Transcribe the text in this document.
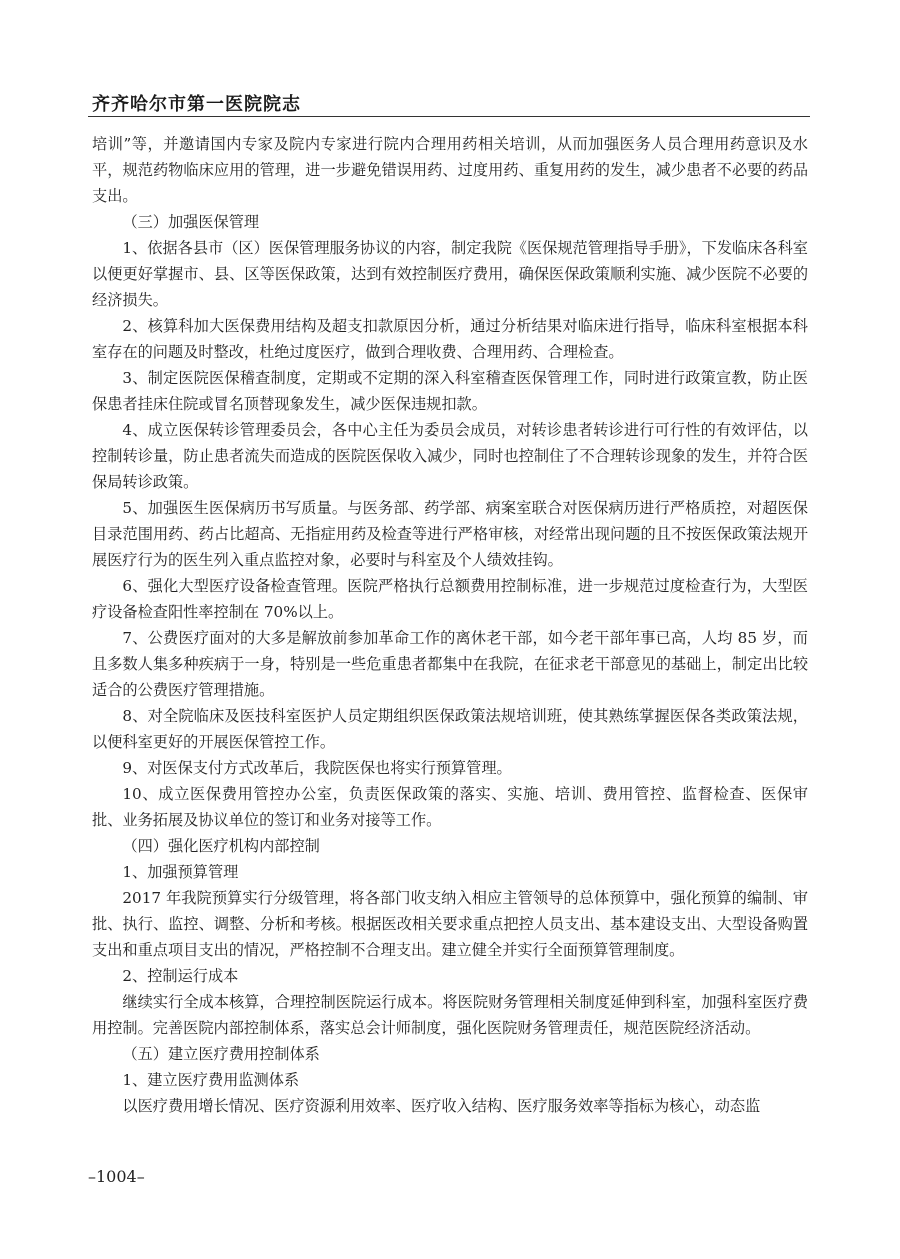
齐齐哈尔市第一医院院志

培训”等，并邀请国内专家及院内专家进行院内合理用药相关培训，从而加强医务人员合理用药意识及水平，规范药物临床应用的管理，进一步避免错误用药、过度用药、重复用药的发生，减少患者不必要的药品支出。

（三）加强医保管理

1、依据各县市（区）医保管理服务协议的内容，制定我院《医保规范管理指导手册》，下发临床各科室以便更好掌握市、县、区等医保政策，达到有效控制医疗费用，确保医保政策顺利实施、减少医院不必要的经济损失。

2、核算科加大医保费用结构及超支扣款原因分析，通过分析结果对临床进行指导，临床科室根据本科室存在的问题及时整改，杜绝过度医疗，做到合理收费、合理用药、合理检查。

3、制定医院医保稽查制度，定期或不定期的深入科室稽查医保管理工作，同时进行政策宣教，防止医保患者挂床住院或冒名顶替现象发生，减少医保违规扣款。

4、成立医保转诊管理委员会，各中心主任为委员会成员，对转诊患者转诊进行可行性的有效评估，以控制转诊量，防止患者流失而造成的医院医保收入减少，同时也控制住了不合理转诊现象的发生，并符合医保局转诊政策。

5、加强医生医保病历书写质量。与医务部、药学部、病案室联合对医保病历进行严格质控，对超医保目录范围用药、药占比超高、无指症用药及检查等进行严格审核，对经常出现问题的且不按医保政策法规开展医疗行为的医生列入重点监控对象，必要时与科室及个人绩效挂钩。

6、强化大型医疗设备检查管理。医院严格执行总额费用控制标准，进一步规范过度检查行为，大型医疗设备检查阳性率控制在 70%以上。

7、公费医疗面对的大多是解放前参加革命工作的离休老干部，如今老干部年事已高，人均 85 岁，而且多数人集多种疾病于一身，特别是一些危重患者都集中在我院，在征求老干部意见的基础上，制定出比较适合的公费医疗管理措施。

8、对全院临床及医技科室医护人员定期组织医保政策法规培训班，使其熟练掌握医保各类政策法规，以便科室更好的开展医保管控工作。

9、对医保支付方式改革后，我院医保也将实行预算管理。

10、成立医保费用管控办公室，负责医保政策的落实、实施、培训、费用管控、监督检查、医保审批、业务拓展及协议单位的签订和业务对接等工作。

（四）强化医疗机构内部控制

1、加强预算管理

2017 年我院预算实行分级管理，将各部门收支纳入相应主管领导的总体预算中，强化预算的编制、审批、执行、监控、调整、分析和考核。根据医改相关要求重点把控人员支出、基本建设支出、大型设备购置支出和重点项目支出的情况，严格控制不合理支出。建立健全并实行全面预算管理制度。

2、控制运行成本

继续实行全成本核算，合理控制医院运行成本。将医院财务管理相关制度延伸到科室，加强科室医疗费用控制。完善医院内部控制体系，落实总会计师制度，强化医院财务管理责任，规范医院经济活动。

（五）建立医疗费用控制体系

1、建立医疗费用监测体系

以医疗费用增长情况、医疗资源利用效率、医疗收入结构、医疗服务效率等指标为核心，动态监

–1004–
